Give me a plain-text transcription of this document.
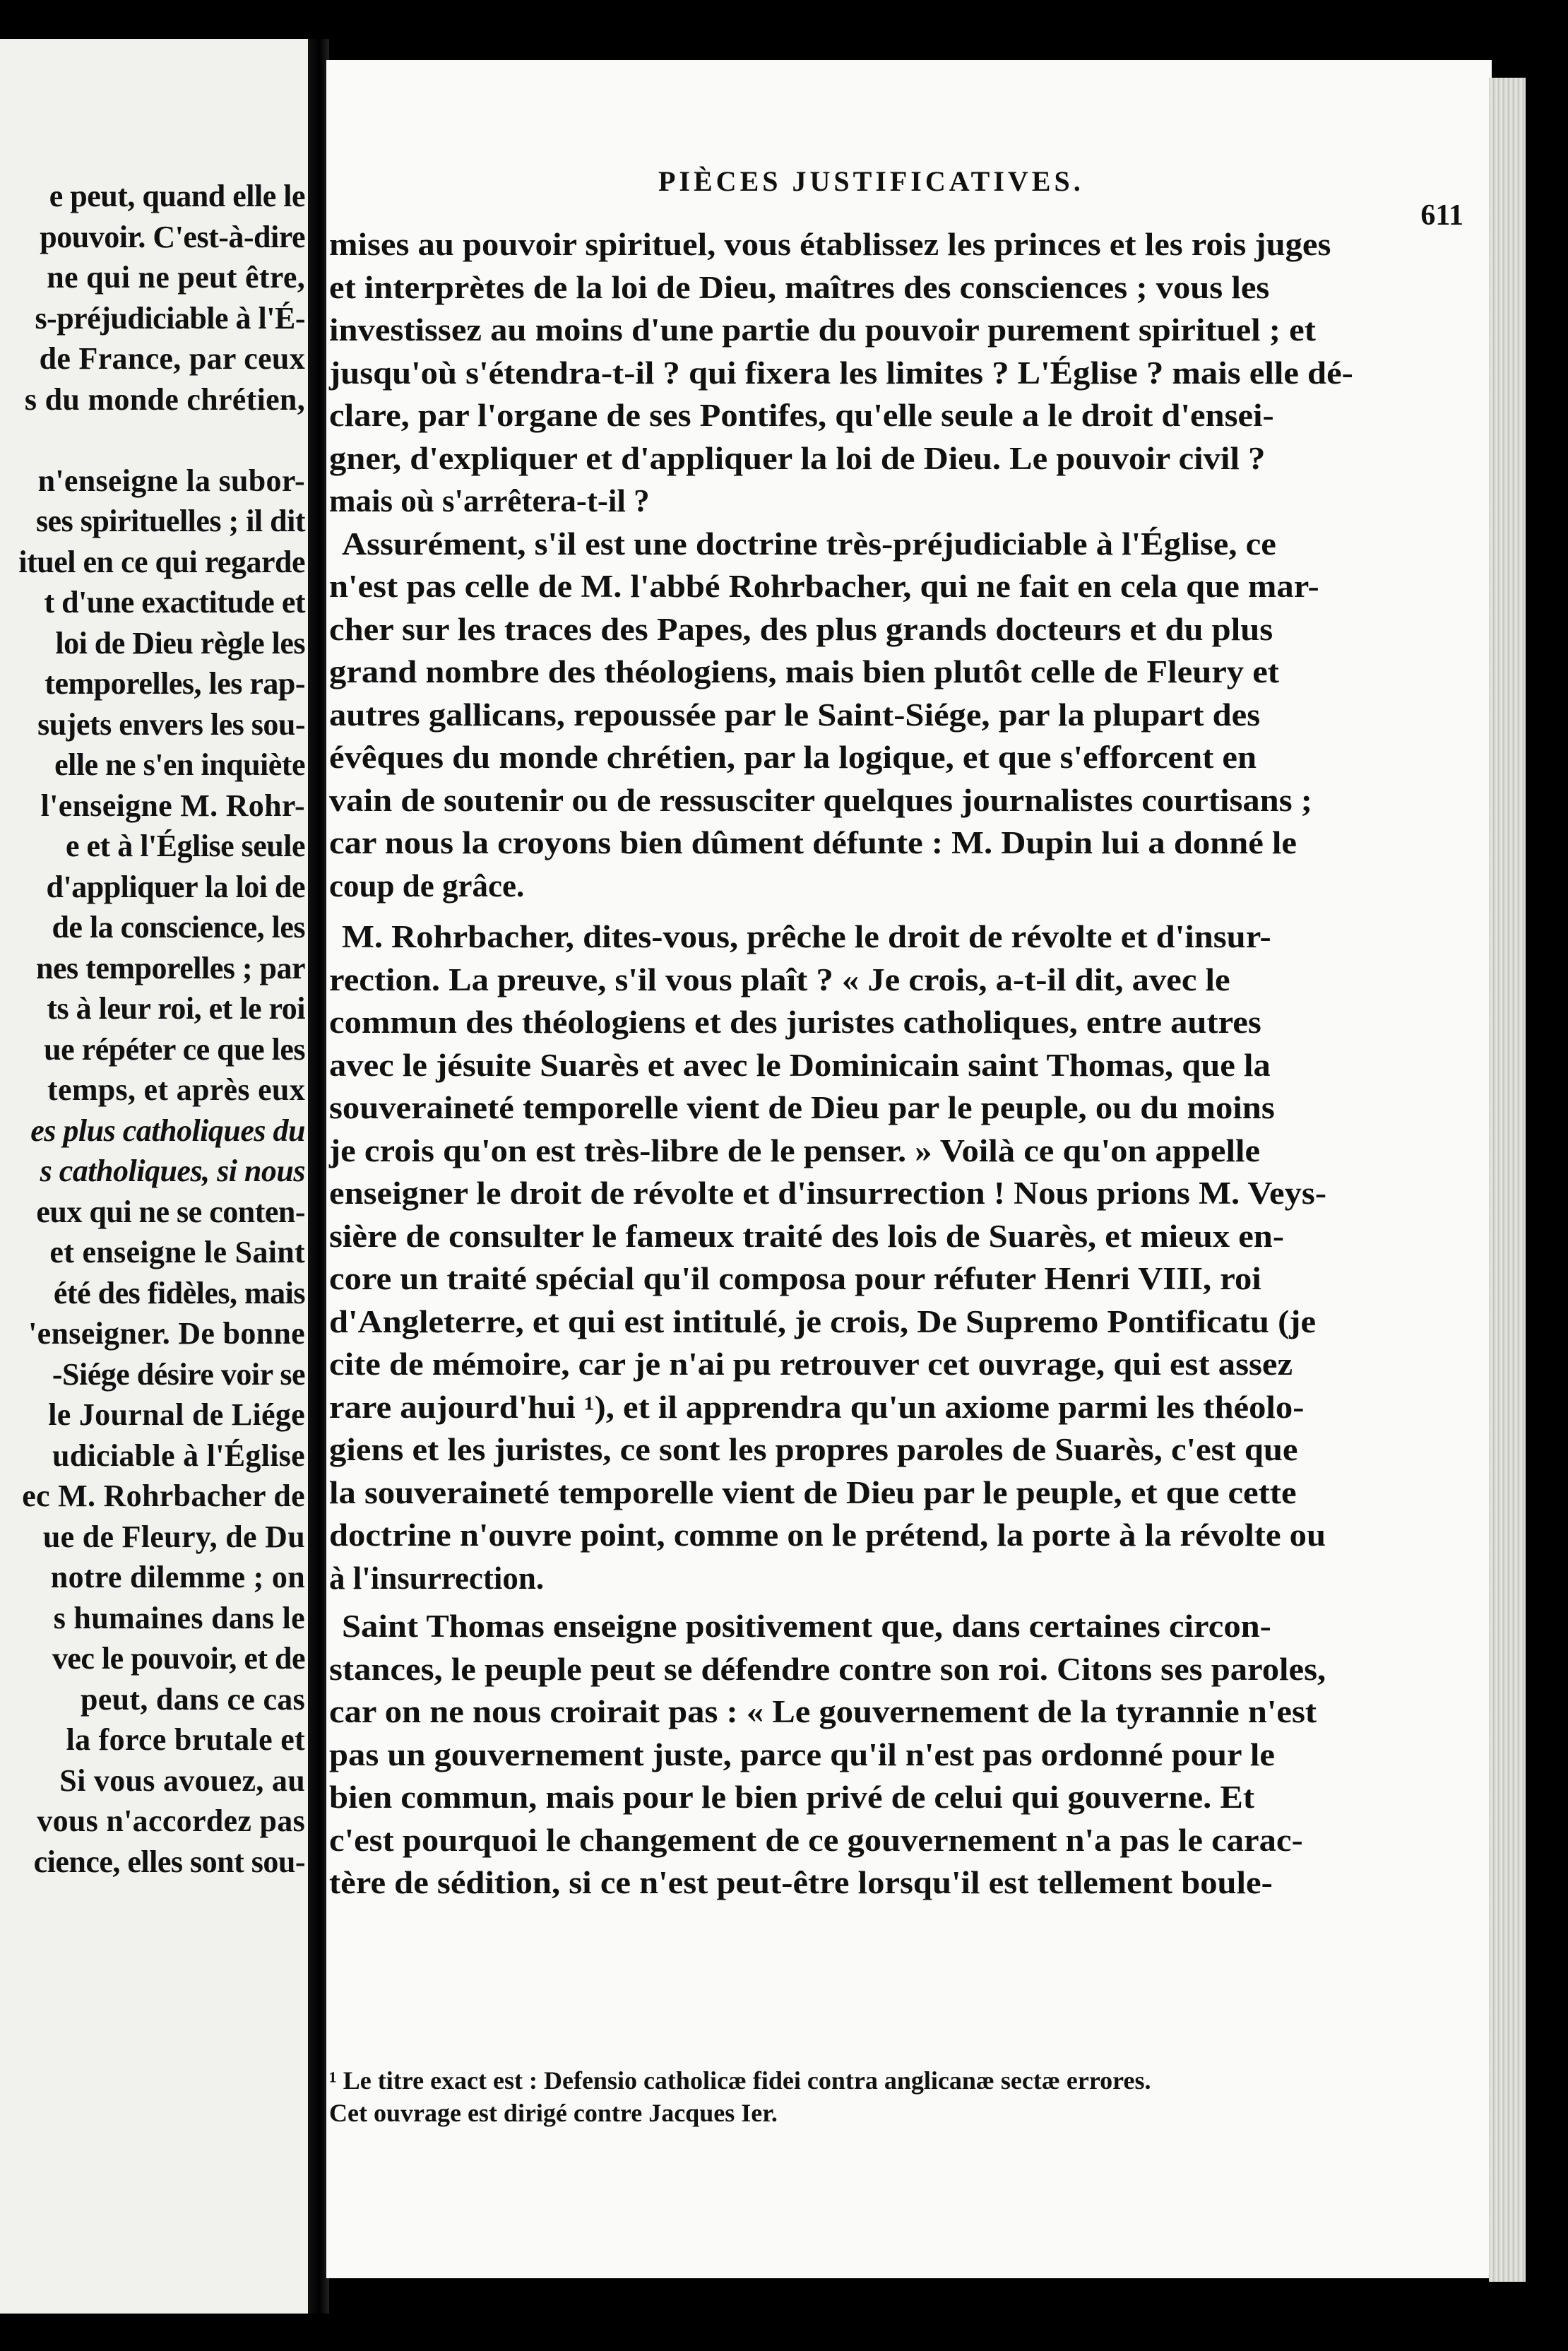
e peut, quand elle le
pouvoir. C'est-à-dire
ne qui ne peut être,
s-préjudiciable à l'É-
de France, par ceux
s du monde chrétien,
n'enseigne la subor-
ses spirituelles ; il dit
ituel en ce qui regarde
t d'une exactitude et
loi de Dieu règle les
temporelles, les rap-
sujets envers les sou-
elle ne s'en inquiète
l'enseigne M. Rohr-
e et à l'Église seule
d'appliquer la loi de
de la conscience, les
nes temporelles ; par
ts à leur roi, et le roi
ue répéter ce que les
temps, et après eux
es plus catholiques du
s catholiques, si nous
eux qui ne se conten-
et enseigne le Saint
été des fidèles, mais
'enseigner. De bonne
-Siége désire voir se
le Journal de Liége
udiciable à l'Église
ec M. Rohrbacher de
ue de Fleury, de Du
notre dilemme ; on
s humaines dans le
vec le pouvoir, et de
peut, dans ce cas
la force brutale et
Si vous avouez, au
vous n'accordez pas
cience, elles sont sou-
PIÈCES JUSTIFICATIVES.
611
mises au pouvoir spirituel, vous établissez les princes et les rois juges
et interprètes de la loi de Dieu, maîtres des consciences ; vous les
investissez au moins d'une partie du pouvoir purement spirituel ; et
jusqu'où s'étendra-t-il ? qui fixera les limites ? L'Église ? mais elle dé-
clare, par l'organe de ses Pontifes, qu'elle seule a le droit d'ensei-
gner, d'expliquer et d'appliquer la loi de Dieu. Le pouvoir civil ?
mais où s'arrêtera-t-il ?
Assurément, s'il est une doctrine très-préjudiciable à l'Église, ce
n'est pas celle de M. l'abbé Rohrbacher, qui ne fait en cela que mar-
cher sur les traces des Papes, des plus grands docteurs et du plus
grand nombre des théologiens, mais bien plutôt celle de Fleury et
autres gallicans, repoussée par le Saint-Siége, par la plupart des
évêques du monde chrétien, par la logique, et que s'efforcent en
vain de soutenir ou de ressusciter quelques journalistes courtisans ;
car nous la croyons bien dûment défunte : M. Dupin lui a donné le
coup de grâce.
M. Rohrbacher, dites-vous, prêche le droit de révolte et d'insur-
rection. La preuve, s'il vous plaît ? « Je crois, a-t-il dit, avec le
commun des théologiens et des juristes catholiques, entre autres
avec le jésuite Suarès et avec le Dominicain saint Thomas, que la
souveraineté temporelle vient de Dieu par le peuple, ou du moins
je crois qu'on est très-libre de le penser. » Voilà ce qu'on appelle
enseigner le droit de révolte et d'insurrection ! Nous prions M. Veys-
sière de consulter le fameux traité des lois de Suarès, et mieux en-
core un traité spécial qu'il composa pour réfuter Henri VIII, roi
d'Angleterre, et qui est intitulé, je crois, De Supremo Pontificatu (je
cite de mémoire, car je n'ai pu retrouver cet ouvrage, qui est assez
rare aujourd'hui ¹), et il apprendra qu'un axiome parmi les théolo-
giens et les juristes, ce sont les propres paroles de Suarès, c'est que
la souveraineté temporelle vient de Dieu par le peuple, et que cette
doctrine n'ouvre point, comme on le prétend, la porte à la révolte ou
à l'insurrection.
Saint Thomas enseigne positivement que, dans certaines circon-
stances, le peuple peut se défendre contre son roi. Citons ses paroles,
car on ne nous croirait pas : « Le gouvernement de la tyrannie n'est
pas un gouvernement juste, parce qu'il n'est pas ordonné pour le
bien commun, mais pour le bien privé de celui qui gouverne. Et
c'est pourquoi le changement de ce gouvernement n'a pas le carac-
tère de sédition, si ce n'est peut-être lorsqu'il est tellement boule-
¹ Le titre exact est : Defensio catholicæ fidei contra anglicanæ sectæ errores.
Cet ouvrage est dirigé contre Jacques Ier.
